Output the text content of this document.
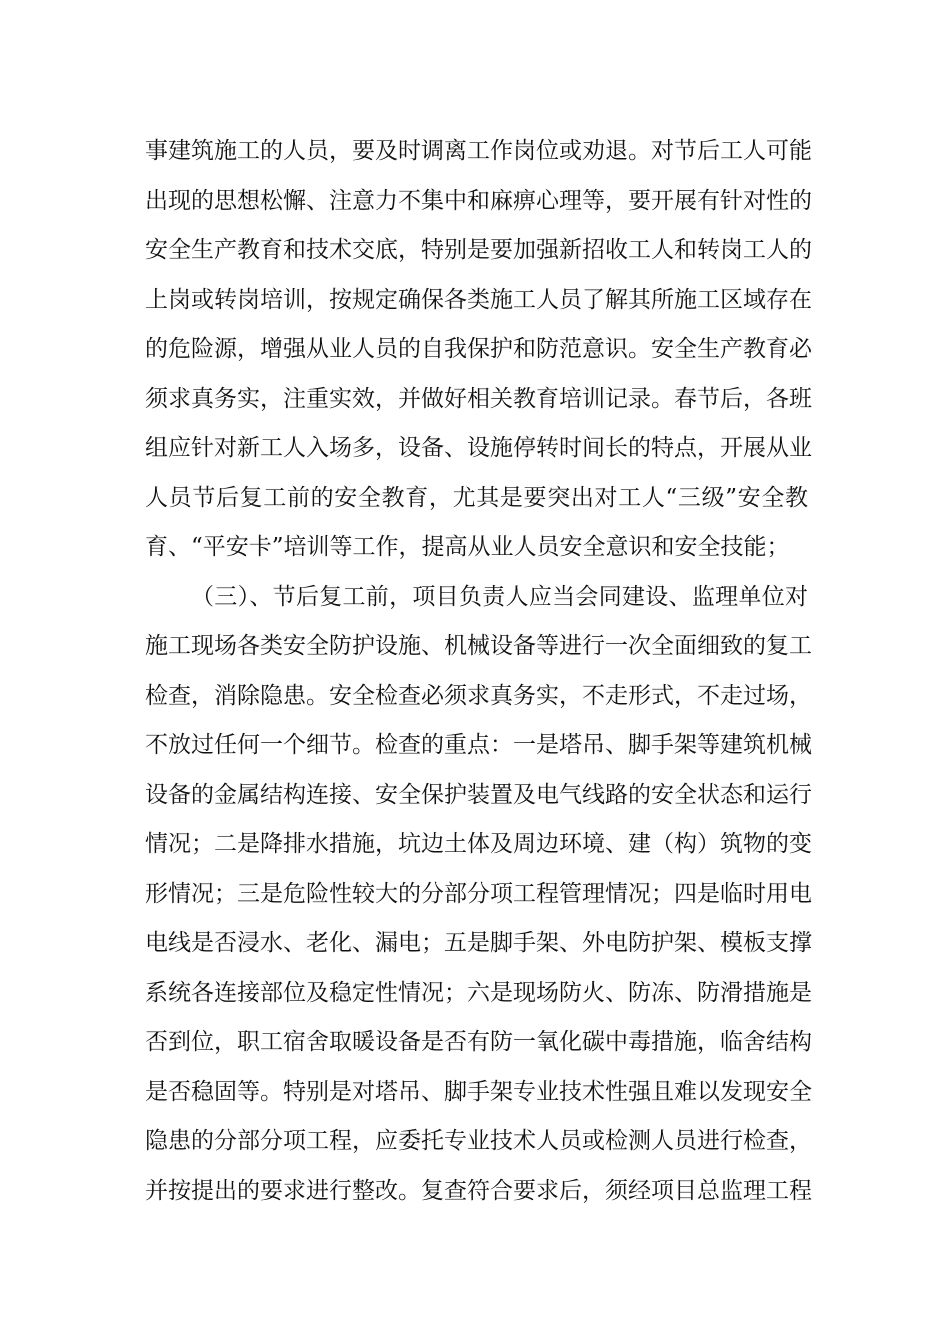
事建筑施工的人员，要及时调离工作岗位或劝退。对节后工人可能
出现的思想松懈、注意力不集中和麻痹心理等，要开展有针对性的
安全生产教育和技术交底，特别是要加强新招收工人和转岗工人的
上岗或转岗培训，按规定确保各类施工人员了解其所施工区域存在
的危险源，增强从业人员的自我保护和防范意识。安全生产教育必
须求真务实，注重实效，并做好相关教育培训记录。春节后，各班
组应针对新工人入场多，设备、设施停转时间长的特点，开展从业
人员节后复工前的安全教育，尤其是要突出对工人“三级”安全教
育、“平安卡”培训等工作，提高从业人员安全意识和安全技能；
（三）、节后复工前，项目负责人应当会同建设、监理单位对
施工现场各类安全防护设施、机械设备等进行一次全面细致的复工
检查，消除隐患。安全检查必须求真务实，不走形式，不走过场，
不放过任何一个细节。检查的重点：一是塔吊、脚手架等建筑机械
设备的金属结构连接、安全保护装置及电气线路的安全状态和运行
情况；二是降排水措施，坑边土体及周边环境、建（构）筑物的变
形情况；三是危险性较大的分部分项工程管理情况；四是临时用电
电线是否浸水、老化、漏电；五是脚手架、外电防护架、模板支撑
系统各连接部位及稳定性情况；六是现场防火、防冻、防滑措施是
否到位，职工宿舍取暖设备是否有防一氧化碳中毒措施，临舍结构
是否稳固等。特别是对塔吊、脚手架专业技术性强且难以发现安全
隐患的分部分项工程，应委托专业技术人员或检测人员进行检查，
并按提出的要求进行整改。复查符合要求后，须经项目总监理工程
